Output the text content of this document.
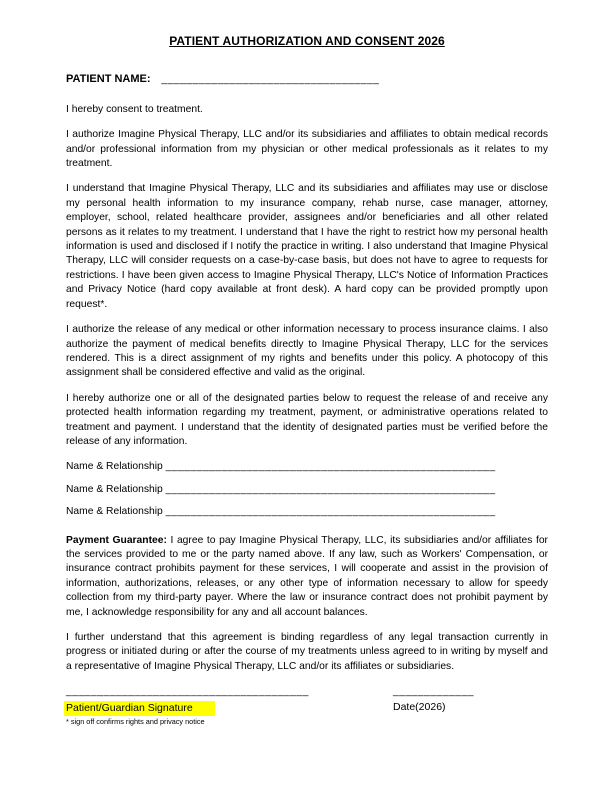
PATIENT AUTHORIZATION AND CONSENT 2026
PATIENT NAME: ___________________________________

I hereby consent to treatment.

I authorize Imagine Physical Therapy, LLC and/or its subsidiaries and affiliates to obtain medical records and/or professional information from my physician or other medical professionals as it relates to my treatment.

I understand that Imagine Physical Therapy, LLC and its subsidiaries and affiliates may use or disclose my personal health information to my insurance company, rehab nurse, case manager, attorney, employer, school, related healthcare provider, assignees and/or beneficiaries and all other related persons as it relates to my treatment. I understand that I have the right to restrict how my personal health information is used and disclosed if I notify the practice in writing. I also understand that Imagine Physical Therapy, LLC will consider requests on a case-by-case basis, but does not have to agree to requests for restrictions. I have been given access to Imagine Physical Therapy, LLC's Notice of Information Practices and Privacy Notice (hard copy available at front desk). A hard copy can be provided promptly upon request*.

I authorize the release of any medical or other information necessary to process insurance claims. I also authorize the payment of medical benefits directly to Imagine Physical Therapy, LLC for the services rendered. This is a direct assignment of my rights and benefits under this policy. A photocopy of this assignment shall be considered effective and valid as the original.

I hereby authorize one or all of the designated parties below to request the release of and receive any protected health information regarding my treatment, payment, or administrative operations related to treatment and payment. I understand that the identity of designated parties must be verified before the release of any information.

Name & Relationship _____________________________________________________
Name & Relationship _____________________________________________________
Name & Relationship _____________________________________________________

Payment Guarantee: I agree to pay Imagine Physical Therapy, LLC, its subsidiaries and/or affiliates for the services provided to me or the party named above. If any law, such as Workers' Compensation, or insurance contract prohibits payment for these services, I will cooperate and assist in the provision of information, authorizations, releases, or any other type of information necessary to allow for speedy collection from my third-party payer. Where the law or insurance contract does not prohibit payment by me, I acknowledge responsibility for any and all account balances.

I further understand that this agreement is binding regardless of any legal transaction currently in progress or initiated during or after the course of my treatments unless agreed to in writing by myself and a representative of Imagine Physical Therapy, LLC and/or its affiliates or subsidiaries.

_______________________________________
Patient/Guardian Signature
* sign off confirms rights and privacy notice
_____________
Date(2026)
